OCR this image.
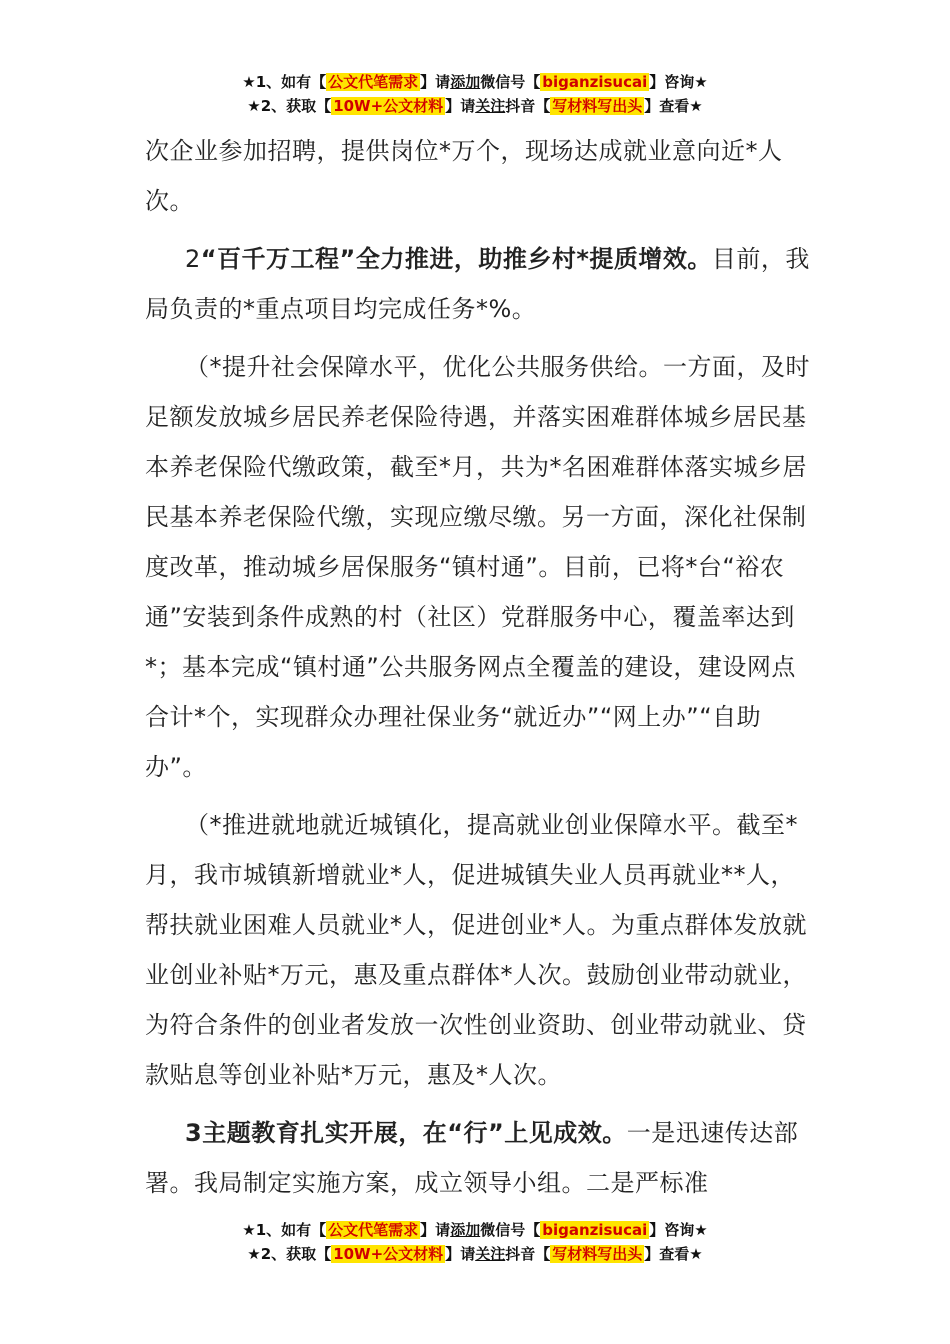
★1、如有【 公文代笔需求 】请添加微信号【 biganzisucai 】咨询★
★2、获取【 10W+公文材料 】请关注抖音【 写材料写出头 】查看★

次企业参加招聘，提供岗位*万个，现场达成就业意向近*人次。

2“百千万工程”全力推进，助推乡村*提质增效。目前，我局负责的*重点项目均完成任务*%。

（*提升社会保障水平，优化公共服务供给。一方面，及时足额发放城乡居民养老保险待遇，并落实困难群体城乡居民基本养老保险代缴政策，截至*月，共为*名困难群体落实城乡居民基本养老保险代缴，实现应缴尽缴。另一方面，深化社保制度改革，推动城乡居保服务“镇村通”。目前，已将*台“裕农通”安装到条件成熟的村（社区）党群服务中心，覆盖率达到*；基本完成“镇村通”公共服务网点全覆盖的建设，建设网点合计*个，实现群众办理社保业务“就近办”“网上办”“自助办”。

（*推进就地就近城镇化，提高就业创业保障水平。截至*月，我市城镇新增就业*人，促进城镇失业人员再就业**人，帮扶就业困难人员就业*人，促进创业*人。为重点群体发放就业创业补贴*万元，惠及重点群体*人次。鼓励创业带动就业，为符合条件的创业者发放一次性创业资助、创业带动就业、贷款贴息等创业补贴*万元，惠及*人次。

3主题教育扎实开展，在“行”上见成效。一是迅速传达部署。我局制定实施方案，成立领导小组。二是严标准

★1、如有【 公文代笔需求 】请添加微信号【 biganzisucai 】咨询★
★2、获取【 10W+公文材料 】请关注抖音【 写材料写出头 】查看★
